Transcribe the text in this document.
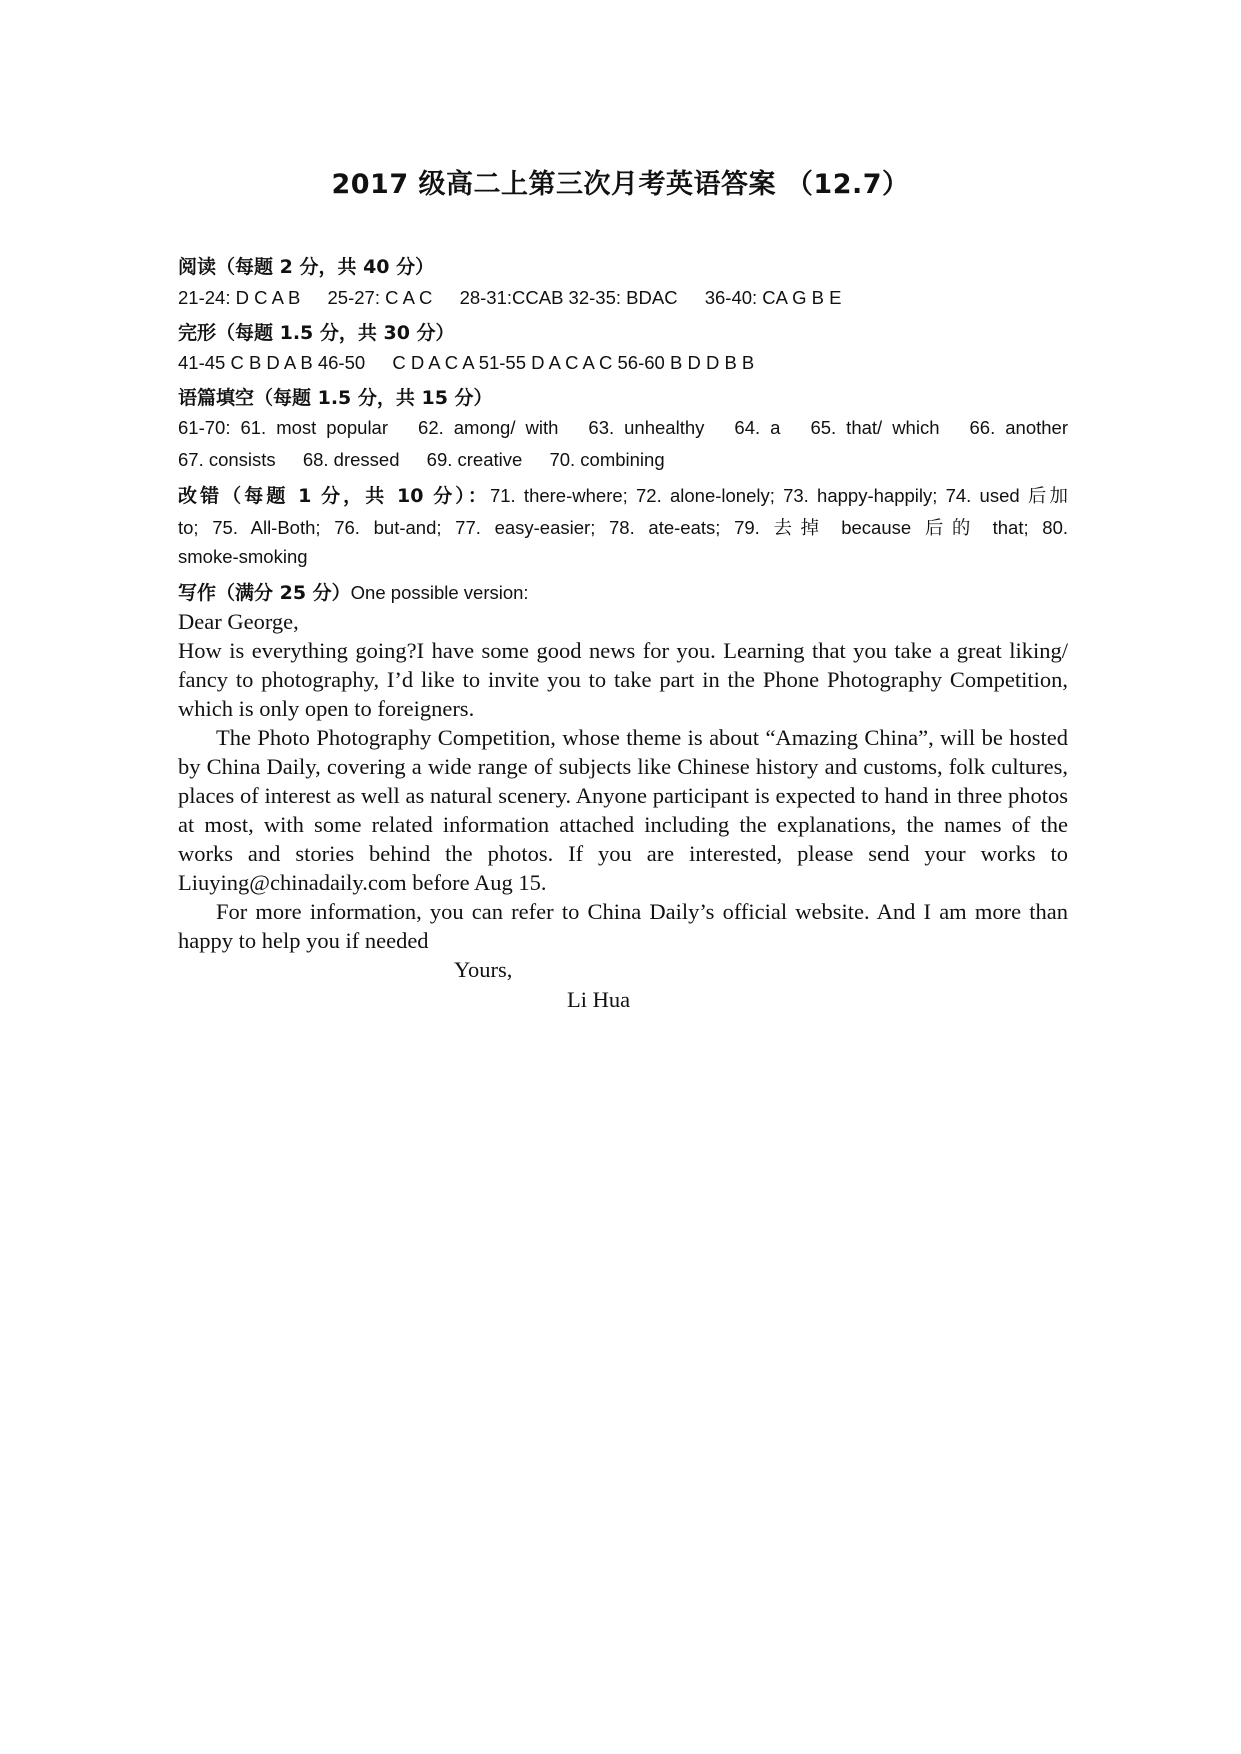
2017 级高二上第三次月考英语答案 （12.7）
阅读（每题 2 分，共 40 分）
21-24: D C A B 25-27: C A C 28-31:CCAB 32-35: BDAC 36-40: CA G B E
完形（每题 1.5 分，共 30 分）
41-45 C B D A B 46-50 C D A C A 51-55 D A C A C 56-60 B D D B B
语篇填空（每题 1.5 分，共 15 分）
61-70: 61. most popular   62. among/ with   63. unhealthy   64. a   65. that/ which   66. another
67. consists 68. dressed 69. creative 70. combining
改错（每题 1 分，共 10 分）：71. there-where; 72. alone-lonely; 73. happy-happily; 74. used 后加
to; 75. All-Both; 76. but-and; 77. easy-easier; 78. ate-eats; 79. 去掉 because 后的 that; 80.
smoke-smoking
写作（满分 25 分）One possible version:

Dear George,

How is everything going?I have some good news for you. Learning that you take a great liking/ fancy to photography, I’d like to invite you to take part in the Phone Photography Competition, which is only open to foreigners.

The Photo Photography Competition, whose theme is about “Amazing China”, will be hosted by China Daily, covering a wide range of subjects like Chinese history and customs, folk cultures, places of interest as well as natural scenery. Anyone participant is expected to hand in three photos at most, with some related information attached including the explanations, the names of the works and stories behind the photos. If you are interested, please send your works to Liuying@chinadaily.com before Aug 15.

For more information, you can refer to China Daily’s official website. And I am more than happy to help you if needed

Yours,
Li Hua
